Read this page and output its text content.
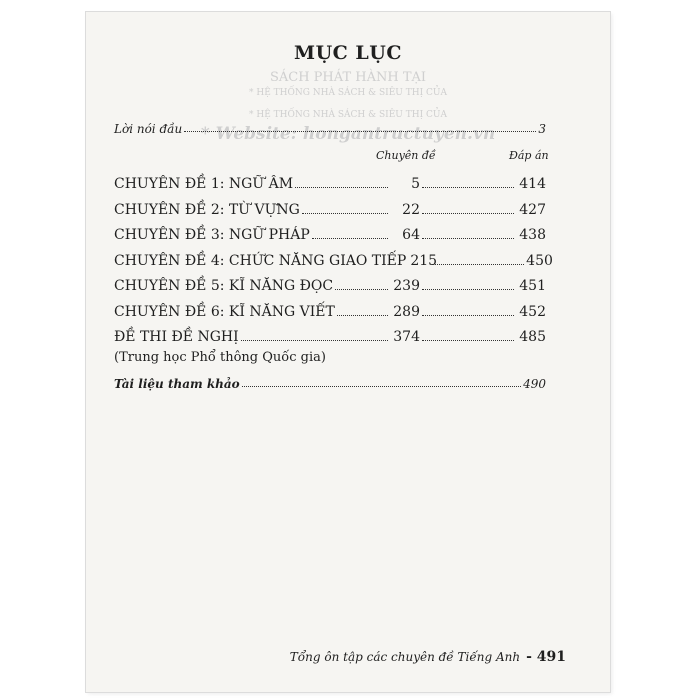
SÁCH PHÁT HÀNH TẠI
* HỆ THỐNG NHÀ SÁCH & SIÊU THỊ CỦA
* HỆ THỐNG NHÀ SÁCH & SIÊU THỊ CỦA
* Website: hongantructuyen.vn
MỤC LỤC
Lời nói đầu	3
Chuyên đề	Đáp án
CHUYÊN ĐỀ 1: NGỮ ÂM	5	414
CHUYÊN ĐỀ 2: TỪ VỰNG	22	427
CHUYÊN ĐỀ 3: NGỮ PHÁP	64	438
CHUYÊN ĐỀ 4: CHỨC NĂNG GIAO TIẾP 215	450
CHUYÊN ĐỀ 5: KĨ NĂNG ĐỌC	239	451
CHUYÊN ĐỀ 6: KĨ NĂNG VIẾT	289	452
ĐỀ THI ĐỀ NGHỊ	374	485
(Trung học Phổ thông Quốc gia)
Tài liệu tham khảo	490
Tổng ôn tập các chuyên đề Tiếng Anh - 491
